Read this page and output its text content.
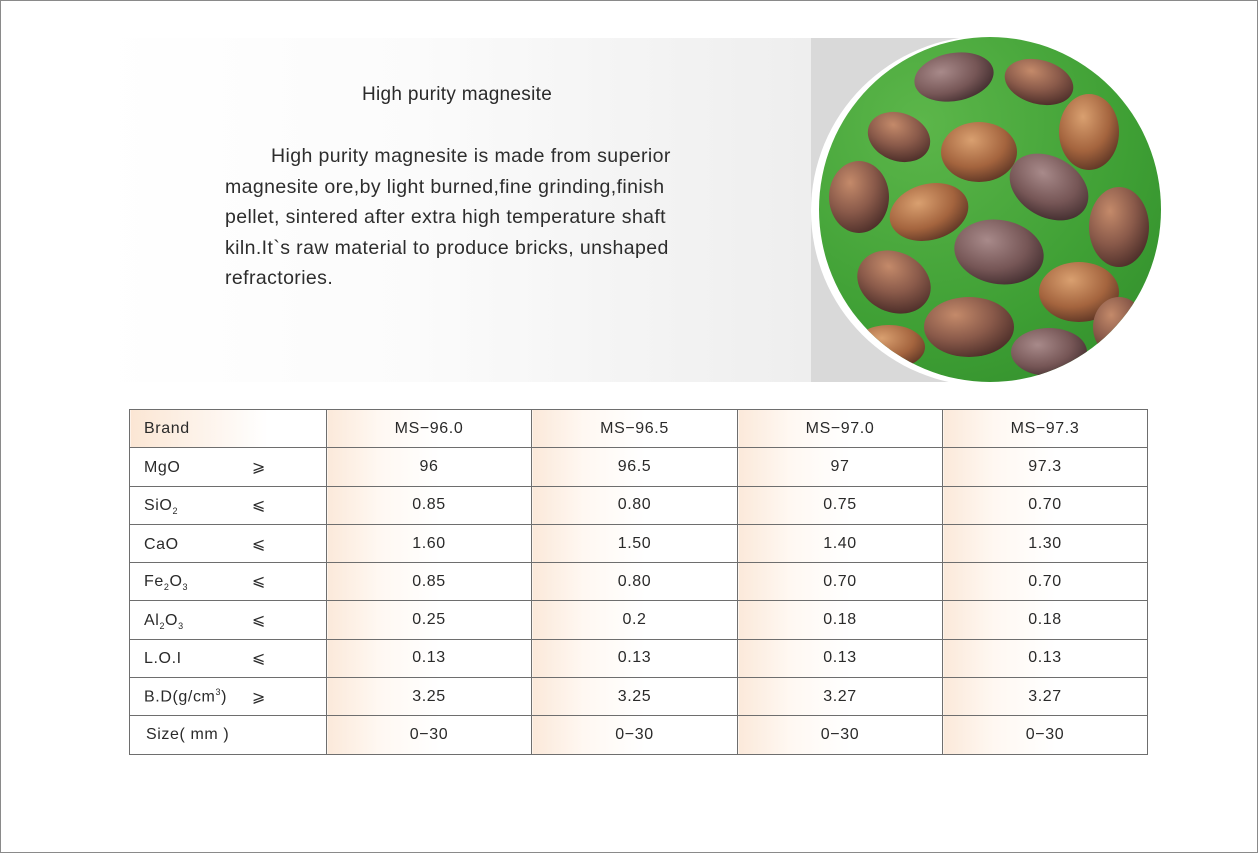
High purity magnesite

High purity magnesite is made from superior magnesite ore,by light burned,fine grinding,finish pellet, sintered after extra high temperature shaft kiln.It`s raw material to produce bricks, unshaped refractories.

Brand	MS−96.0	MS−96.5	MS−97.0	MS−97.3
MgO ⩾	96	96.5	97	97.3
SiO$_2$ ⩽	0.85	0.80	0.75	0.70
CaO ⩽	1.60	1.50	1.40	1.30
$Fe_2O_3$ ⩽	0.85	0.80	0.70	0.70
$Al_2O_3$ ⩽	0.25	0.2	0.18	0.18
L.O.I ⩽	0.13	0.13	0.13	0.13
$B.D(g/cm^3)$ ⩾	3.25	3.25	3.27	3.27
Size( mm )	0−30	0−30	0−30	0−30
